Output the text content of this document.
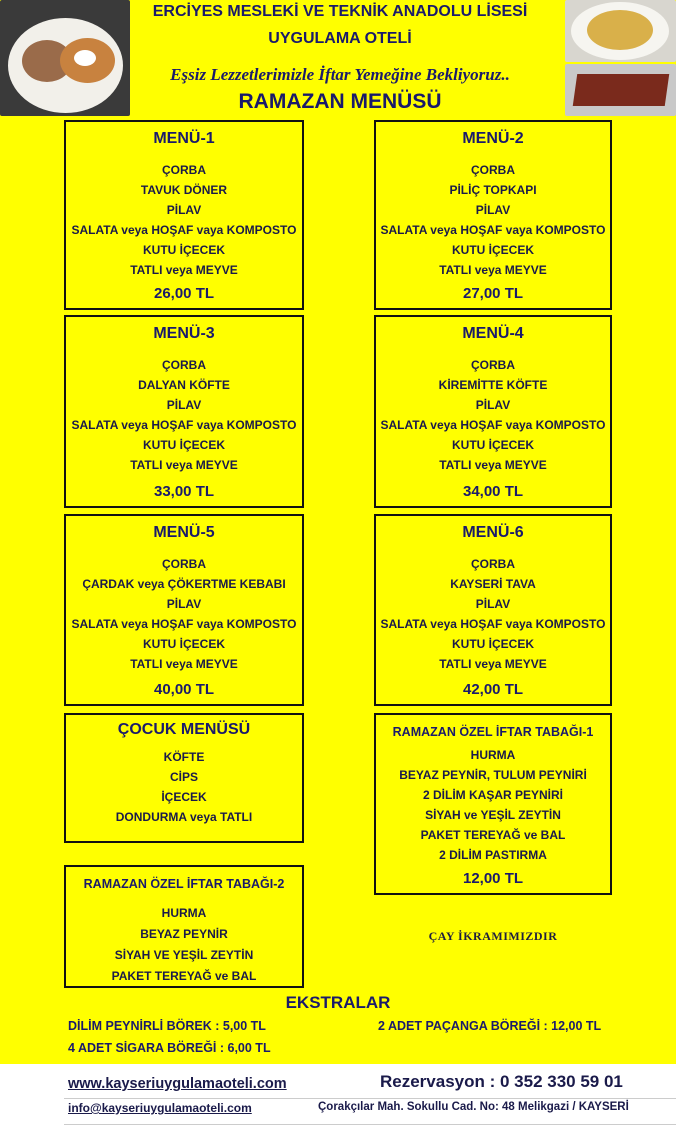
ERCİYES MESLEKİ VE TEKNİK ANADOLU LİSESİ
UYGULAMA OTELİ
Eşsiz Lezzetlerimizle İftar Yemeğine Bekliyoruz..
RAMAZAN MENÜSÜ
MENÜ-1
ÇORBA
TAVUK DÖNER
PİLAV
SALATA veya HOŞAF vaya KOMPOSTO
KUTU İÇECEK
TATLI veya MEYVE
26,00 TL
MENÜ-2
ÇORBA
PİLİÇ TOPKAPI
PİLAV
SALATA veya HOŞAF vaya KOMPOSTO
KUTU İÇECEK
TATLI veya MEYVE
27,00 TL
MENÜ-3
ÇORBA
DALYAN KÖFTE
PİLAV
SALATA veya HOŞAF vaya KOMPOSTO
KUTU İÇECEK
TATLI veya MEYVE
33,00 TL
MENÜ-4
ÇORBA
KİREMİTTE KÖFTE
PİLAV
SALATA veya HOŞAF vaya KOMPOSTO
KUTU İÇECEK
TATLI veya MEYVE
34,00 TL
MENÜ-5
ÇORBA
ÇARDAK veya ÇÖKERTME KEBABI
PİLAV
SALATA veya HOŞAF vaya KOMPOSTO
KUTU İÇECEK
TATLI veya MEYVE
40,00 TL
MENÜ-6
ÇORBA
KAYSERİ TAVA
PİLAV
SALATA veya HOŞAF vaya KOMPOSTO
KUTU İÇECEK
TATLI veya MEYVE
42,00 TL
ÇOCUK MENÜSÜ
KÖFTE
CİPS
İÇECEK
DONDURMA veya TATLI
RAMAZAN ÖZEL İFTAR TABAĞI-1
HURMA
BEYAZ PEYNİR, TULUM PEYNİRİ
2 DİLİM KAŞAR PEYNİRİ
SİYAH ve YEŞİL ZEYTİN
PAKET TEREYAĞ ve BAL
2 DİLİM PASTIRMA
12,00 TL
RAMAZAN ÖZEL İFTAR TABAĞI-2
HURMA
BEYAZ PEYNİR
SİYAH VE YEŞİL ZEYTİN
PAKET TEREYAĞ ve BAL
ÇAY İKRAMIMIZDIR
EKSTRALAR
DİLİM PEYNİRLİ BÖREK : 5,00 TL	2 ADET PAÇANGA BÖREĞİ : 12,00 TL
4 ADET SİGARA BÖREĞİ : 6,00 TL
www.kayseriuygulamaoteli.com
info@kayseriuygulamaoteli.com
Rezervasyon : 0 352 330 59 01
Çorakçılar Mah. Sokullu Cad. No: 48 Melikgazi / KAYSERİ
